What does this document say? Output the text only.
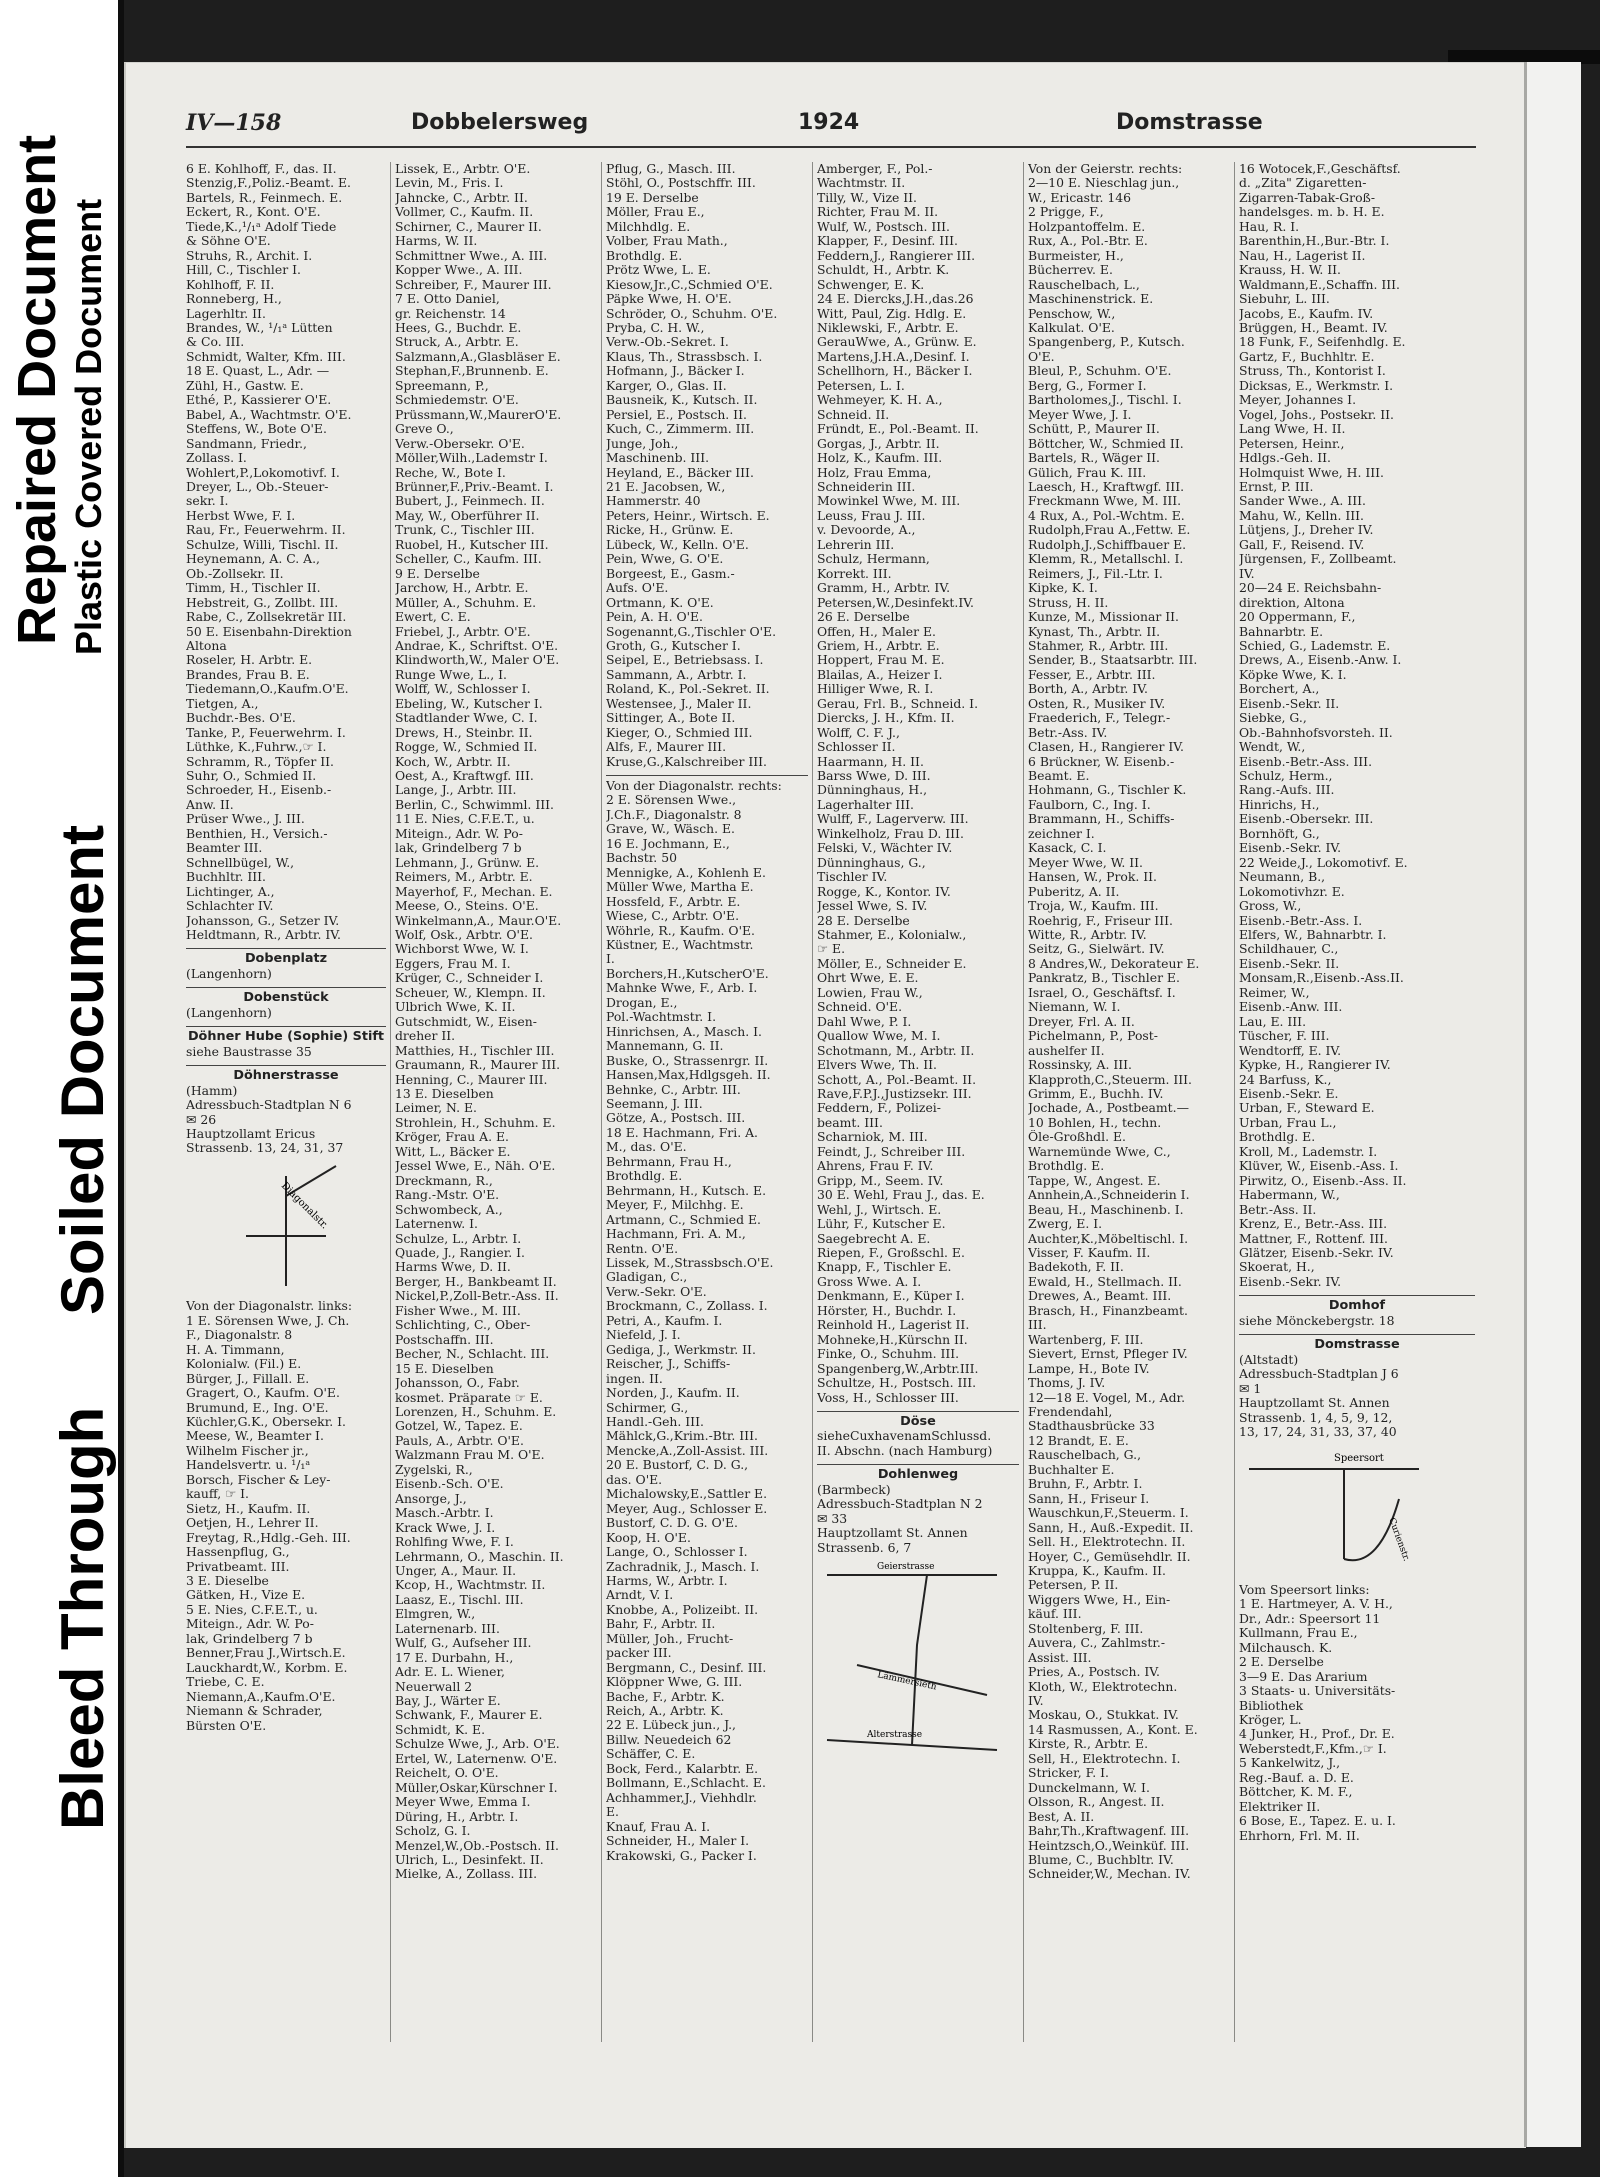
Repaired Document Plastic Covered Document
Soiled Document
Bleed Through
IV—158	Dobbelersweg	1924	Domstrasse
6 E. Kohlhoff, F., das. II.
Stenzig,F.,Poliz.-Beamt. E.
Bartels, R., Feinmech. E.
Eckert, R., Kont. O'E.
Tiede,K.,¹/₁ᵃ Adolf Tiede
& Söhne O'E.
Struhs, R., Archit. I.
Hill, C., Tischler I.
Kohlhoff, F. II.
Ronneberg, H.,
Lagerhltr. II.
Brandes, W., ¹/₁ᵃ Lütten
& Co. III.
Schmidt, Walter, Kfm. III.
18 E. Quast, L., Adr. —
Zühl, H., Gastw. E.
Ethé, P., Kassierer O'E.
Babel, A., Wachtmstr. O'E.
Steffens, W., Bote O'E.
Sandmann, Friedr.,
Zollass. I.
Wohlert,P.,Lokomotivf. I.
Dreyer, L., Ob.-Steuer-
sekr. I.
Herbst Wwe, F. I.
Rau, Fr., Feuerwehrm. II.
Schulze, Willi, Tischl. II.
Heynemann, A. C. A.,
Ob.-Zollsekr. II.
Timm, H., Tischler II.
Hebstreit, G., Zollbt. III.
Rabe, C., Zollsekretär III.
50 E. Eisenbahn-Direktion
Altona
Roseler, H. Arbtr. E.
Brandes, Frau B. E.
Tiedemann,O.,Kaufm.O'E.
Tietgen, A.,
Buchdr.-Bes. O'E.
Tanke, P., Feuerwehrm. I.
Lüthke, K.,Fuhrw.,☞ I.
Schramm, R., Töpfer II.
Suhr, O., Schmied II.
Schroeder, H., Eisenb.-
Anw. II.
Prüser Wwe., J. III.
Benthien, H., Versich.-
Beamter III.
Schnellbügel, W.,
Buchhltr. III.
Lichtinger, A.,
Schlachter IV.
Johansson, G., Setzer IV.
Heldtmann, R., Arbtr. IV.
Dobenplatz
(Langenhorn)
Dobenstück
(Langenhorn)
Döhner Hube (Sophie) Stift
siehe Baustrasse 35
Döhnerstrasse
(Hamm)
Adressbuch-Stadtplan N 6
✉ 26
Hauptzollamt Ericus
Strassenb. 13, 24, 31, 37
Diagonalstr.
Von der Diagonalstr. links:
1 E. Sörensen Wwe, J. Ch.
F., Diagonalstr. 8
H. A. Timmann,
Kolonialw. (Fil.) E.
Bürger, J., Fillall. E.
Gragert, O., Kaufm. O'E.
Brumund, E., Ing. O'E.
Küchler,G.K., Obersekr. I.
Meese, W., Beamter I.
Wilhelm Fischer jr.,
Handelsvertr. u. ¹/₁ᵃ
Borsch, Fischer & Ley-
kauff, ☞ I.
Sietz, H., Kaufm. II.
Oetjen, H., Lehrer II.
Freytag, R.,Hdlg.-Geh. III.
Hassenpflug, G.,
Privatbeamt. III.
3 E. Dieselbe
Gätken, H., Vize E.
5 E. Nies, C.F.E.T., u.
Miteign., Adr. W. Po-
lak, Grindelberg 7 b
Benner,Frau J.,Wirtsch.E.
Lauckhardt,W., Korbm. E.
Triebe, C. E.
Niemann,A.,Kaufm.O'E.
Niemann & Schrader,
Bürsten O'E.
Lissek, E., Arbtr. O'E.
Levin, M., Fris. I.
Jahncke, C., Arbtr. II.
Vollmer, C., Kaufm. II.
Schirner, C., Maurer II.
Harms, W. II.
Schmittner Wwe., A. III.
Kopper Wwe., A. III.
Schreiber, F., Maurer III.
7 E. Otto Daniel,
gr. Reichenstr. 14
Hees, G., Buchdr. E.
Struck, A., Arbtr. E.
Salzmann,A.,Glasbläser E.
Stephan,F.,Brunnenb. E.
Spreemann, P.,
Schmiedemstr. O'E.
Prüssmann,W.,MaurerO'E.
Greve O.,
Verw.-Obersekr. O'E.
Möller,Wilh.,Lademstr I.
Reche, W., Bote I.
Brünner,F.,Priv.-Beamt. I.
Bubert, J., Feinmech. II.
May, W., Oberführer II.
Trunk, C., Tischler III.
Ruobel, H., Kutscher III.
Scheller, C., Kaufm. III.
9 E. Derselbe
Jarchow, H., Arbtr. E.
Müller, A., Schuhm. E.
Ewert, C. E.
Friebel, J., Arbtr. O'E.
Andrae, K., Schriftst. O'E.
Klindworth,W., Maler O'E.
Runge Wwe, L., I.
Wolff, W., Schlosser I.
Ebeling, W., Kutscher I.
Stadtlander Wwe, C. I.
Drews, H., Steinbr. II.
Rogge, W., Schmied II.
Koch, W., Arbtr. II.
Oest, A., Kraftwgf. III.
Lange, J., Arbtr. III.
Berlin, C., Schwimml. III.
11 E. Nies, C.F.E.T., u.
Miteign., Adr. W. Po-
lak, Grindelberg 7 b
Lehmann, J., Grünw. E.
Reimers, M., Arbtr. E.
Mayerhof, F., Mechan. E.
Meese, O., Steins. O'E.
Winkelmann,A., Maur.O'E.
Wolf, Osk., Arbtr. O'E.
Wichborst Wwe, W. I.
Eggers, Frau M. I.
Krüger, C., Schneider I.
Scheuer, W., Klempn. II.
Ulbrich Wwe, K. II.
Gutschmidt, W., Eisen-
dreher II.
Matthies, H., Tischler III.
Graumann, R., Maurer III.
Henning, C., Maurer III.
13 E. Dieselben
Leimer, N. E.
Strohlein, H., Schuhm. E.
Kröger, Frau A. E.
Witt, L., Bäcker E.
Jessel Wwe, E., Näh. O'E.
Dreckmann, R.,
Rang.-Mstr. O'E.
Schwombeck, A.,
Laternenw. I.
Schulze, L., Arbtr. I.
Quade, J., Rangier. I.
Harms Wwe, D. II.
Berger, H., Bankbeamt II.
Nickel,P.,Zoll-Betr.-Ass. II.
Fisher Wwe., M. III.
Schlichting, C., Ober-
Postschaffn. III.
Becher, N., Schlacht. III.
15 E. Dieselben
Johansson, O., Fabr.
kosmet. Präparate ☞ E.
Lorenzen, H., Schuhm. E.
Gotzel, W., Tapez. E.
Pauls, A., Arbtr. O'E.
Walzmann Frau M. O'E.
Zygelski, R.,
Eisenb.-Sch. O'E.
Ansorge, J.,
Masch.-Arbtr. I.
Krack Wwe, J. I.
Rohlfing Wwe, F. I.
Lehrmann, O., Maschin. II.
Unger, A., Maur. II.
Kcop, H., Wachtmstr. II.
Laasz, E., Tischl. III.
Elmgren, W.,
Laternenarb. III.
Wulf, G., Aufseher III.
17 E. Durbahn, H.,
Adr. E. L. Wiener,
Neuerwall 2
Bay, J., Wärter E.
Schwank, F., Maurer E.
Schmidt, K. E.
Schulze Wwe, J., Arb. O'E.
Ertel, W., Laternenw. O'E.
Reichelt, O. O'E.
Müller,Oskar,Kürschner I.
Meyer Wwe, Emma I.
Düring, H., Arbtr. I.
Scholz, G. I.
Menzel,W.,Ob.-Postsch. II.
Ulrich, L., Desinfekt. II.
Mielke, A., Zollass. III.
Pflug, G., Masch. III.
Stöhl, O., Postschffr. III.
19 E. Derselbe
Möller, Frau E.,
Milchhdlg. E.
Volber, Frau Math.,
Brothdlg. E.
Prötz Wwe, L. E.
Kiesow,Jr.,C.,Schmied O'E.
Päpke Wwe, H. O'E.
Schröder, O., Schuhm. O'E.
Pryba, C. H. W.,
Verw.-Ob.-Sekret. I.
Klaus, Th., Strassbsch. I.
Hofmann, J., Bäcker I.
Karger, O., Glas. II.
Bausneik, K., Kutsch. II.
Persiel, E., Postsch. II.
Kuch, C., Zimmerm. III.
Junge, Joh.,
Maschinenb. III.
Heyland, E., Bäcker III.
21 E. Jacobsen, W.,
Hammerstr. 40
Peters, Heinr., Wirtsch. E.
Ricke, H., Grünw. E.
Lübeck, W., Kelln. O'E.
Pein, Wwe, G. O'E.
Borgeest, E., Gasm.-
Aufs. O'E.
Ortmann, K. O'E.
Pein, A. H. O'E.
Sogenannt,G.,Tischler O'E.
Groth, G., Kutscher I.
Seipel, E., Betriebsass. I.
Sammann, A., Arbtr. I.
Roland, K., Pol.-Sekret. II.
Westensee, J., Maler II.
Sittinger, A., Bote II.
Kieger, O., Schmied III.
Alfs, F., Maurer III.
Kruse,G.,Kalschreiber III.
Von der Diagonalstr. rechts:
2 E. Sörensen Wwe.,
J.Ch.F., Diagonalstr. 8
Grave, W., Wäsch. E.
16 E. Jochmann, E.,
Bachstr. 50
Mennigke, A., Kohlenh E.
Müller Wwe, Martha E.
Hossfeld, F., Arbtr. E.
Wiese, C., Arbtr. O'E.
Wöhrle, R., Kaufm. O'E.
Küstner, E., Wachtmstr.
I.
Borchers,H.,KutscherO'E.
Mahnke Wwe, F., Arb. I.
Drogan, E.,
Pol.-Wachtmstr. I.
Hinrichsen, A., Masch. I.
Mannemann, G. II.
Buske, O., Strassenrgr. II.
Hansen,Max,Hdlgsgeh. II.
Behnke, C., Arbtr. III.
Seemann, J. III.
Götze, A., Postsch. III.
18 E. Hachmann, Fri. A.
M., das. O'E.
Behrmann, Frau H.,
Brothdlg. E.
Behrmann, H., Kutsch. E.
Meyer, F., Milchhg. E.
Artmann, C., Schmied E.
Hachmann, Fri. A. M.,
Rentn. O'E.
Lissek, M.,Strassbsch.O'E.
Gladigan, C.,
Verw.-Sekr. O'E.
Brockmann, C., Zollass. I.
Petri, A., Kaufm. I.
Niefeld, J. I.
Gediga, J., Werkmstr. II.
Reischer, J., Schiffs-
ingen. II.
Norden, J., Kaufm. II.
Schirmer, G.,
Handl.-Geh. III.
Mählck,G.,Krim.-Btr. III.
Mencke,A.,Zoll-Assist. III.
20 E. Bustorf, C. D. G.,
das. O'E.
Michalowsky,E.,Sattler E.
Meyer, Aug., Schlosser E.
Bustorf, C. D. G. O'E.
Koop, H. O'E.
Lange, O., Schlosser I.
Zachradnik, J., Masch. I.
Harms, W., Arbtr. I.
Arndt, V. I.
Knobbe, A., Polizeibt. II.
Bahr, F., Arbtr. II.
Müller, Joh., Frucht-
packer III.
Bergmann, C., Desinf. III.
Klöppner Wwe, G. III.
Bache, F., Arbtr. K.
Reich, A., Arbtr. K.
22 E. Lübeck jun., J.,
Billw. Neuedeich 62
Schäffer, C. E.
Bock, Ferd., Kalarbtr. E.
Bollmann, E.,Schlacht. E.
Achhammer,J., Viehhdlr.
E.
Knauf, Frau A. I.
Schneider, H., Maler I.
Krakowski, G., Packer I.
Amberger, F., Pol.-
Wachtmstr. II.
Tilly, W., Vize II.
Richter, Frau M. II.
Wulf, W., Postsch. III.
Klapper, F., Desinf. III.
Feddern,J., Rangierer III.
Schuldt, H., Arbtr. K.
Schwenger, E. K.
24 E. Diercks,J.H.,das.26
Witt, Paul, Zig. Hdlg. E.
Niklewski, F., Arbtr. E.
GerauWwe, A., Grünw. E.
Martens,J.H.A.,Desinf. I.
Schellhorn, H., Bäcker I.
Petersen, L. I.
Wehmeyer, K. H. A.,
Schneid. II.
Fründt, E., Pol.-Beamt. II.
Gorgas, J., Arbtr. II.
Holz, K., Kaufm. III.
Holz, Frau Emma,
Schneiderin III.
Mowinkel Wwe, M. III.
Leuss, Frau J. III.
v. Devoorde, A.,
Lehrerin III.
Schulz, Hermann,
Korrekt. III.
Gramm, H., Arbtr. IV.
Petersen,W.,Desinfekt.IV.
26 E. Derselbe
Offen, H., Maler E.
Griem, H., Arbtr. E.
Hoppert, Frau M. E.
Blailas, A., Heizer I.
Hilliger Wwe, R. I.
Gerau, Frl. B., Schneid. I.
Diercks, J. H., Kfm. II.
Wolff, C. F. J.,
Schlosser II.
Haarmann, H. II.
Barss Wwe, D. III.
Dünninghaus, H.,
Lagerhalter III.
Wulff, F., Lagerverw. III.
Winkelholz, Frau D. III.
Felski, V., Wächter IV.
Dünninghaus, G.,
Tischler IV.
Rogge, K., Kontor. IV.
Jessel Wwe, S. IV.
28 E. Derselbe
Stahmer, E., Kolonialw.,
☞ E.
Möller, E., Schneider E.
Ohrt Wwe, E. E.
Lowien, Frau W.,
Schneid. O'E.
Dahl Wwe, P. I.
Quallow Wwe, M. I.
Schotmann, M., Arbtr. II.
Elvers Wwe, Th. II.
Schott, A., Pol.-Beamt. II.
Rave,F.P.J.,Justizsekr. III.
Feddern, F., Polizei-
beamt. III.
Scharniok, M. III.
Feindt, J., Schreiber III.
Ahrens, Frau F. IV.
Gripp, M., Seem. IV.
30 E. Wehl, Frau J., das. E.
Wehl, J., Wirtsch. E.
Lühr, F., Kutscher E.
Saegebrecht A. E.
Riepen, F., Großschl. E.
Knapp, F., Tischler E.
Gross Wwe. A. I.
Denkmann, E., Küper I.
Hörster, H., Buchdr. I.
Reinhold H., Lagerist II.
Mohneke,H.,Kürschn II.
Finke, O., Schuhm. III.
Spangenberg,W.,Arbtr.III.
Schultze, H., Postsch. III.
Voss, H., Schlosser III.
Döse
sieheCuxhavenamSchlussd.
II. Abschn. (nach Hamburg)
Dohlenweg
(Barmbeck)
Adressbuch-Stadtplan N 2
✉ 33
Hauptzollamt St. Annen
Strassenb. 6, 7
Geierstrasse
Lämmersieth
Alterstrasse
Von der Geierstr. rechts:
2—10 E. Nieschlag jun.,
W., Ericastr. 146
2 Prigge, F.,
Holzpantoffelm. E.
Rux, A., Pol.-Btr. E.
Burmeister, H.,
Bücherrev. E.
Rauschelbach, L.,
Maschinenstrick. E.
Penschow, W.,
Kalkulat. O'E.
Spangenberg, P., Kutsch.
O'E.
Bleul, P., Schuhm. O'E.
Berg, G., Former I.
Bartholomes,J., Tischl. I.
Meyer Wwe, J. I.
Schütt, P., Maurer II.
Böttcher, W., Schmied II.
Bartels, R., Wäger II.
Gülich, Frau K. III.
Laesch, H., Kraftwgf. III.
Freckmann Wwe, M. III.
4 Rux, A., Pol.-Wchtm. E.
Rudolph,Frau A.,Fettw. E.
Rudolph,J.,Schiffbauer E.
Klemm, R., Metallschl. I.
Reimers, J., Fil.-Ltr. I.
Kipke, K. I.
Struss, H. II.
Kunze, M., Missionar II.
Kynast, Th., Arbtr. II.
Stahmer, R., Arbtr. III.
Sender, B., Staatsarbtr. III.
Fesser, E., Arbtr. III.
Borth, A., Arbtr. IV.
Osten, R., Musiker IV.
Fraederich, F., Telegr.-
Betr.-Ass. IV.
Clasen, H., Rangierer IV.
6 Brückner, W. Eisenb.-
Beamt. E.
Hohmann, G., Tischler K.
Faulborn, C., Ing. I.
Brammann, H., Schiffs-
zeichner I.
Kasack, C. I.
Meyer Wwe, W. II.
Hansen, W., Prok. II.
Puberitz, A. II.
Troja, W., Kaufm. III.
Roehrig, F., Friseur III.
Witte, R., Arbtr. IV.
Seitz, G., Sielwärt. IV.
8 Andres,W., Dekorateur E.
Pankratz, B., Tischler E.
Israel, O., Geschäftsf. I.
Niemann, W. I.
Dreyer, Frl. A. II.
Pichelmann, P., Post-
aushelfer II.
Rossinsky, A. III.
Klapproth,C.,Steuerm. III.
Grimm, E., Buchh. IV.
Jochade, A., Postbeamt.—
10 Bohlen, H., techn.
Öle-Großhdl. E.
Warnemünde Wwe, C.,
Brothdlg. E.
Tappe, W., Angest. E.
Annhein,A.,Schneiderin I.
Beau, H., Maschinenb. I.
Zwerg, E. I.
Auchter,K.,Möbeltischl. I.
Visser, F. Kaufm. II.
Badekoth, F. II.
Ewald, H., Stellmach. II.
Drewes, A., Beamt. III.
Brasch, H., Finanzbeamt.
III.
Wartenberg, F. III.
Sievert, Ernst, Pfleger IV.
Lampe, H., Bote IV.
Thoms, J. IV.
12—18 E. Vogel, M., Adr.
Frendendahl,
Stadthausbrücke 33
12 Brandt, E. E.
Rauschelbach, G.,
Buchhalter E.
Bruhn, F., Arbtr. I.
Sann, H., Friseur I.
Wauschkun,F.,Steuerm. I.
Sann, H., Auß.-Expedit. II.
Sell. H., Elektrotechn. II.
Hoyer, C., Gemüsehdlr. II.
Kruppa, K., Kaufm. II.
Petersen, P. II.
Wiggers Wwe, H., Ein-
käuf. III.
Stoltenberg, F. III.
Auvera, C., Zahlmstr.-
Assist. III.
Pries, A., Postsch. IV.
Kloth, W., Elektrotechn.
IV.
Moskau, O., Stukkat. IV.
14 Rasmussen, A., Kont. E.
Kirste, R., Arbtr. E.
Sell, H., Elektrotechn. I.
Stricker, F. I.
Dunckelmann, W. I.
Olsson, R., Angest. II.
Best, A. II.
Bahr,Th.,Kraftwagenf. III.
Heintzsch,O.,Weinküf. III.
Blume, C., Buchbltr. IV.
Schneider,W., Mechan. IV.
16 Wotocek,F.,Geschäftsf.
d. „Zita" Zigaretten-
Zigarren-Tabak-Groß-
handelsges. m. b. H. E.
Hau, R. I.
Barenthin,H.,Bur.-Btr. I.
Nau, H., Lagerist II.
Krauss, H. W. II.
Waldmann,E.,Schaffn. III.
Siebuhr, L. III.
Jacobs, E., Kaufm. IV.
Brüggen, H., Beamt. IV.
18 Funk, F., Seifenhdlg. E.
Gartz, F., Buchhltr. E.
Struss, Th., Kontorist I.
Dicksas, E., Werkmstr. I.
Meyer, Johannes I.
Vogel, Johs., Postsekr. II.
Lang Wwe, H. II.
Petersen, Heinr.,
Hdlgs.-Geh. II.
Holmquist Wwe, H. III.
Ernst, P. III.
Sander Wwe., A. III.
Mahu, W., Kelln. III.
Lütjens, J., Dreher IV.
Gall, F., Reisend. IV.
Jürgensen, F., Zollbeamt.
IV.
20—24 E. Reichsbahn-
direktion, Altona
20 Oppermann, F.,
Bahnarbtr. E.
Schied, G., Lademstr. E.
Drews, A., Eisenb.-Anw. I.
Köpke Wwe, K. I.
Borchert, A.,
Eisenb.-Sekr. II.
Siebke, G.,
Ob.-Bahnhofsvorsteh. II.
Wendt, W.,
Eisenb.-Betr.-Ass. III.
Schulz, Herm.,
Rang.-Aufs. III.
Hinrichs, H.,
Eisenb.-Obersekr. III.
Bornhöft, G.,
Eisenb.-Sekr. IV.
22 Weide,J., Lokomotivf. E.
Neumann, B.,
Lokomotivhzr. E.
Gross, W.,
Eisenb.-Betr.-Ass. I.
Elfers, W., Bahnarbtr. I.
Schildhauer, C.,
Eisenb.-Sekr. II.
Monsam,R.,Eisenb.-Ass.II.
Reimer, W.,
Eisenb.-Anw. III.
Lau, E. III.
Tüscher, F. III.
Wendtorff, E. IV.
Kypke, H., Rangierer IV.
24 Barfuss, K.,
Eisenb.-Sekr. E.
Urban, F., Steward E.
Urban, Frau L.,
Brothdlg. E.
Kroll, M., Lademstr. I.
Klüver, W., Eisenb.-Ass. I.
Pirwitz, O., Eisenb.-Ass. II.
Habermann, W.,
Betr.-Ass. II.
Krenz, E., Betr.-Ass. III.
Mattner, F., Rottenf. III.
Glätzer, Eisenb.-Sekr. IV.
Skoerat, H.,
Eisenb.-Sekr. IV.
Domhof
siehe Mönckebergstr. 18
Domstrasse
(Altstadt)
Adressbuch-Stadtplan J 6
✉ 1
Hauptzollamt St. Annen
Strassenb. 1, 4, 5, 9, 12,
13, 17, 24, 31, 33, 37, 40
Speersort
Curienstr.
Vom Speersort links:
1 E. Hartmeyer, A. V. H.,
Dr., Adr.: Speersort 11
Kullmann, Frau E.,
Milchausch. K.
2 E. Derselbe
3—9 E. Das Ararium
3 Staats- u. Universitäts-
Bibliothek
Kröger, L.
4 Junker, H., Prof., Dr. E.
Weberstedt,F.,Kfm.,☞ I.
5 Kankelwitz, J.,
Reg.-Bauf. a. D. E.
Böttcher, K. M. F.,
Elektriker II.
6 Bose, E., Tapez. E. u. I.
Ehrhorn, Frl. M. II.
